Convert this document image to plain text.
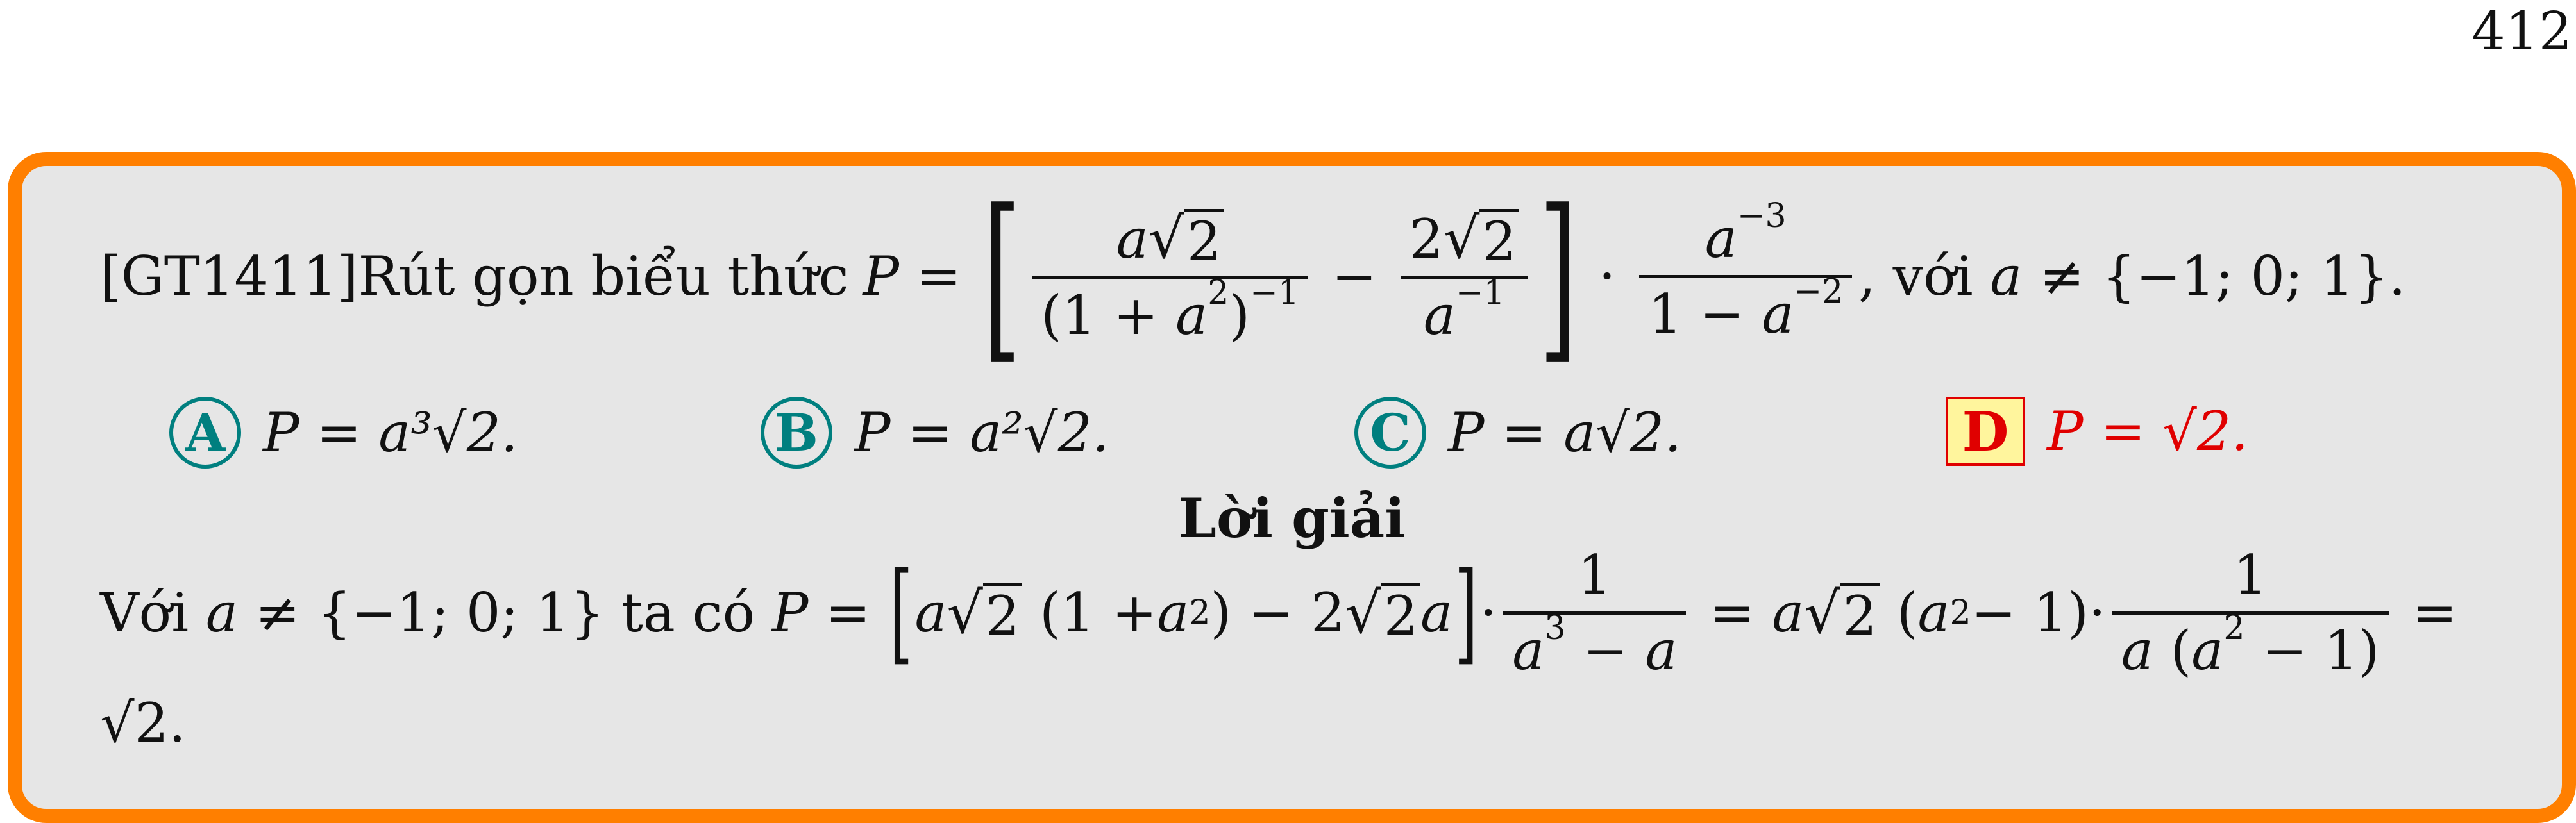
412
[GT1411] Rút gọn biểu thức P = [ a √ 2
$(1 + a^2)^{-1}$ −
2 √ 2
$a^{-1}$ ] ·
$a^{-3}$
$1 - a^{-2}$ , với a ≠ {−1; 0; 1}.
A P = a³√2.	B P = a²√2.	C P = a√2.	D P = √2.
Lời giải
Với a ≠ {−1; 0; 1} ta có
P = [ a √ 2 (1 + a 2 ) − 2 √ 2 a ] ·
1
$a^3 - a$
= a √ 2 ( a 2 − 1)·
1
a $(a^2 - 1)$
=
√2.
